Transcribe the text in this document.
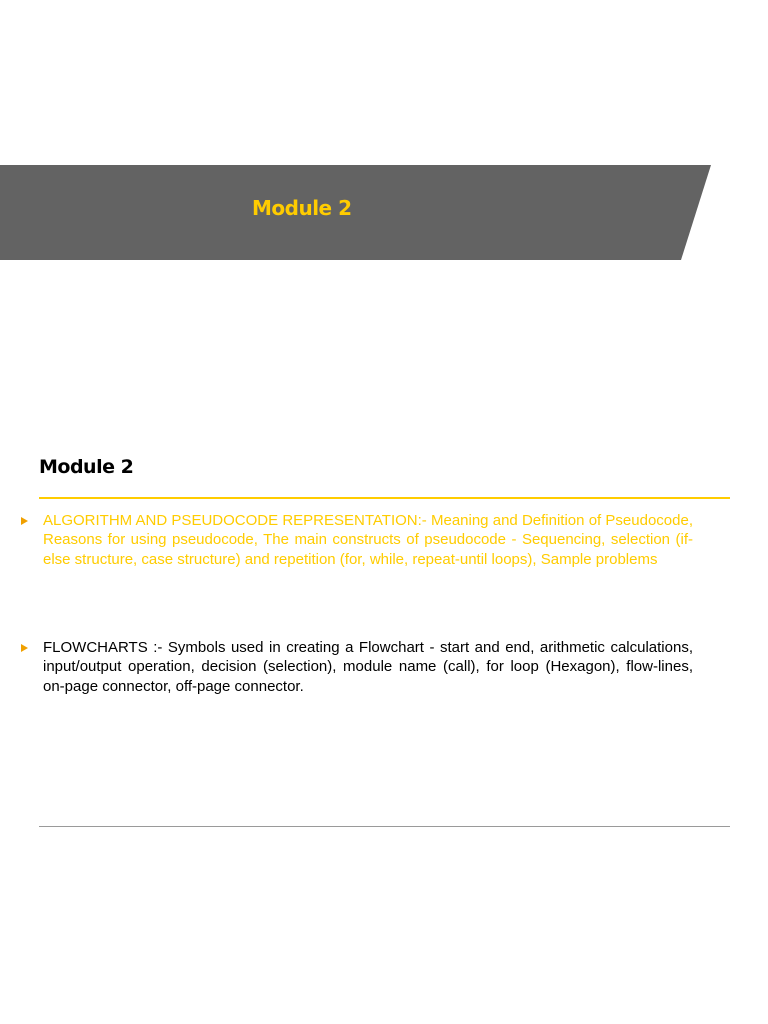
Module 2
Module 2
ALGORITHM AND PSEUDOCODE REPRESENTATION:- Meaning and Definition of Pseudocode, Reasons for using pseudocode, The main constructs of pseudocode - Sequencing, selection (if-else structure, case structure) and repetition (for, while, repeat-until loops), Sample problems
FLOWCHARTS :- Symbols used in creating a Flowchart - start and end, arithmetic calculations, input/output operation, decision (selection), module name (call), for loop (Hexagon), flow-lines, on-page connector, off-page connector.
